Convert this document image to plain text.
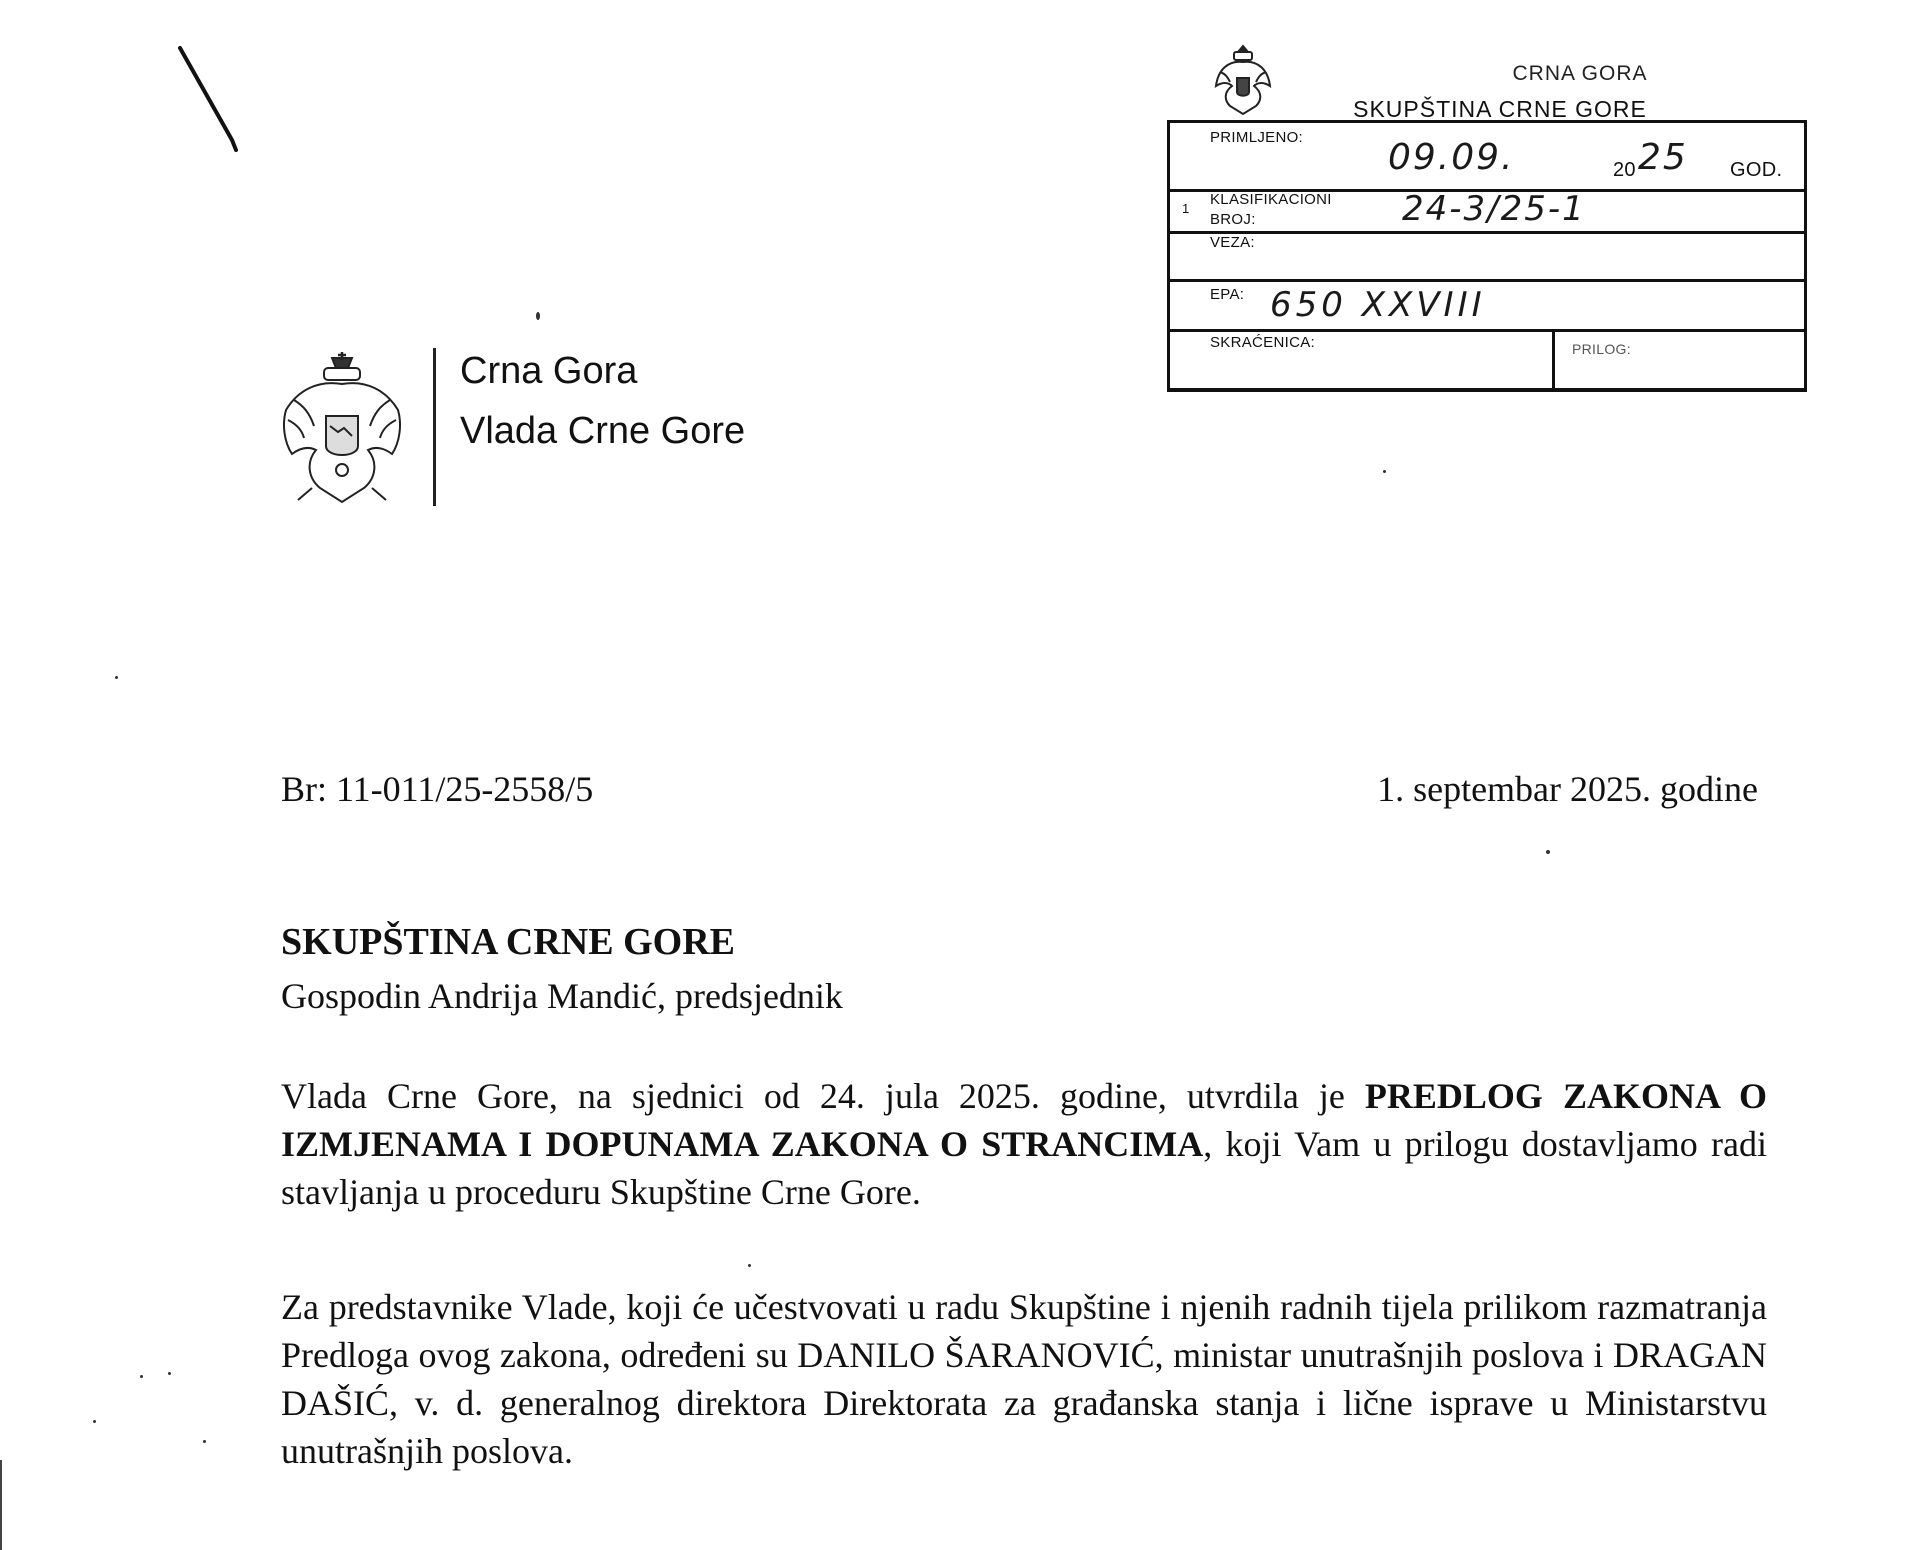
CRNA GORA
SKUPŠTINA CRNE GORE
PRIMLJENO: 09.09.	20 25 GOD.
1
KLASIFIKACIONI
BROJ:	24-3/25-1
VEZA:
EPA: 650 XXVIII
SKRAĆENICA:	PRILOG:
Crna Gora
Vlada Crne Gore
Br: 11-011/25-2558/5	1. septembar 2025. godine
SKUPŠTINA CRNE GORE
Gospodin Andrija Mandić, predsjednik
Vlada Crne Gore, na sjednici od 24. jula 2025. godine, utvrdila je PREDLOG ZAKONA O IZMJENAMA I DOPUNAMA ZAKONA O STRANCIMA, koji Vam u prilogu dostavljamo radi stavljanja u proceduru Skupštine Crne Gore.
Za predstavnike Vlade, koji će učestvovati u radu Skupštine i njenih radnih tijela prilikom razmatranja Predloga ovog zakona, određeni su DANILO ŠARANOVIĆ, ministar unutrašnjih poslova i DRAGAN DAŠIĆ, v. d. generalnog direktora Direktorata za građanska stanja i lične isprave u Ministarstvu unutrašnjih poslova.
